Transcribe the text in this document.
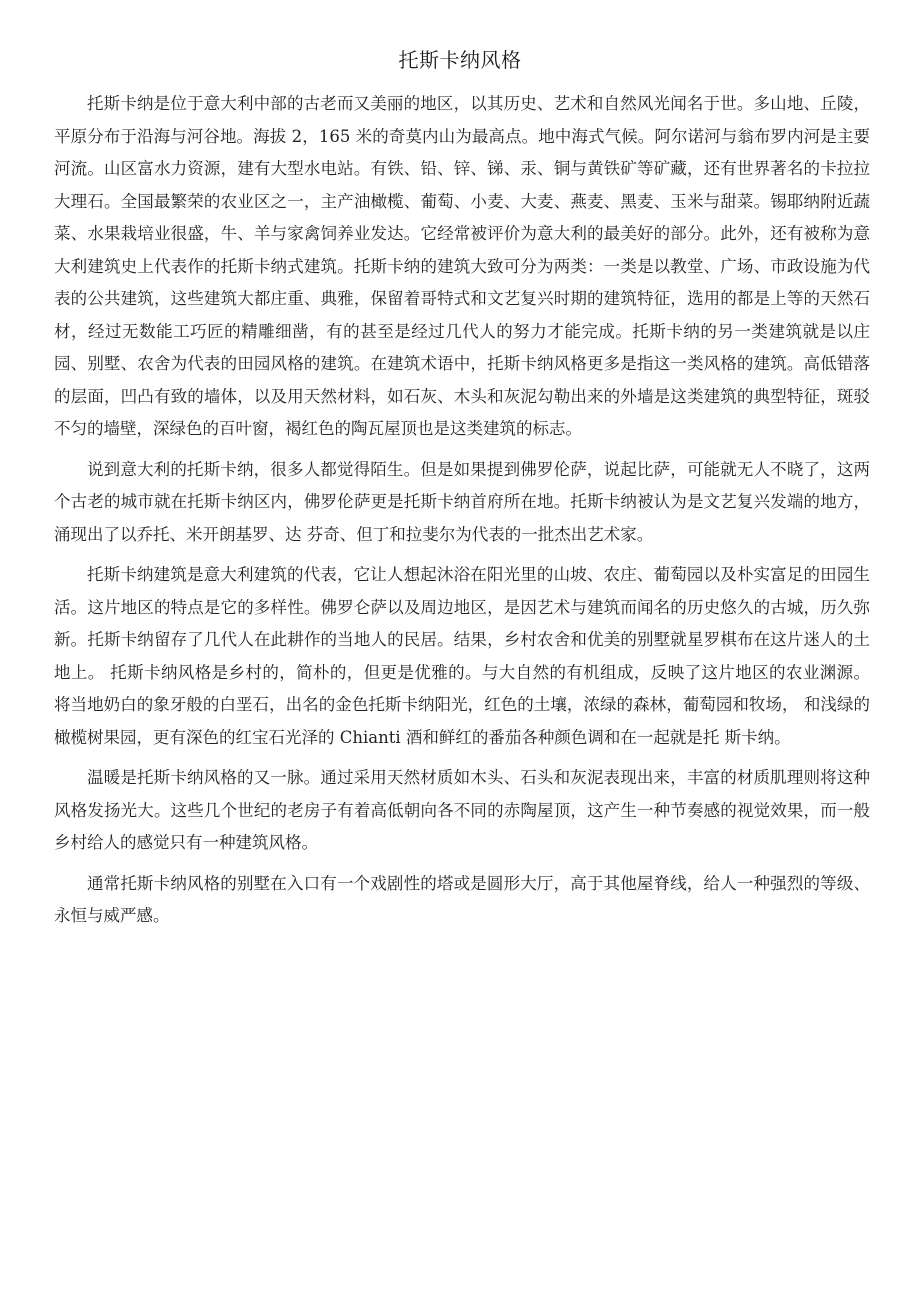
托斯卡纳风格

托斯卡纳是位于意大利中部的古老而又美丽的地区，以其历史、艺术和自然风光闻名于世。多山地、丘陵，平原分布于沿海与河谷地。海拔 2，165 米的奇莫内山为最高点。地中海式气候。阿尔诺河与翁布罗内河是主要河流。山区富水力资源，建有大型水电站。有铁、铅、锌、锑、汞、铜与黄铁矿等矿藏，还有世界著名的卡拉拉大理石。全国最繁荣的农业区之一，主产油橄榄、葡萄、小麦、大麦、燕麦、黑麦、玉米与甜菜。锡耶纳附近蔬菜、水果栽培业很盛，牛、羊与家禽饲养业发达。它经常被评价为意大利的最美好的部分。此外，还有被称为意大利建筑史上代表作的托斯卡纳式建筑。托斯卡纳的建筑大致可分为两类：一类是以教堂、广场、市政设施为代表的公共建筑，这些建筑大都庄重、典雅，保留着哥特式和文艺复兴时期的建筑特征，选用的都是上等的天然石材，经过无数能工巧匠的精雕细凿，有的甚至是经过几代人的努力才能完成。托斯卡纳的另一类建筑就是以庄园、别墅、农舍为代表的田园风格的建筑。在建筑术语中，托斯卡纳风格更多是指这一类风格的建筑。高低错落的层面，凹凸有致的墙体，以及用天然材料，如石灰、木头和灰泥勾勒出来的外墙是这类建筑的典型特征，斑驳不匀的墙壁，深绿色的百叶窗，褐红色的陶瓦屋顶也是这类建筑的标志。

说到意大利的托斯卡纳，很多人都觉得陌生。但是如果提到佛罗伦萨，说起比萨，可能就无人不晓了，这两个古老的城市就在托斯卡纳区内，佛罗伦萨更是托斯卡纳首府所在地。托斯卡纳被认为是文艺复兴发端的地方，涌现出了以乔托、米开朗基罗、达 芬奇、但丁和拉斐尔为代表的一批杰出艺术家。

托斯卡纳建筑是意大利建筑的代表，它让人想起沐浴在阳光里的山坡、农庄、葡萄园以及朴实富足的田园生活。这片地区的特点是它的多样性。佛罗仑萨以及周边地区，是因艺术与建筑而闻名的历史悠久的古城，历久弥新。托斯卡纳留存了几代人在此耕作的当地人的民居。结果，乡村农舍和优美的别墅就星罗棋布在这片迷人的土地上。 托斯卡纳风格是乡村的，简朴的，但更是优雅的。与大自然的有机组成，反映了这片地区的农业渊源。 将当地奶白的象牙般的白垩石，出名的金色托斯卡纳阳光，红色的土壤，浓绿的森林，葡萄园和牧场， 和浅绿的橄榄树果园，更有深色的红宝石光泽的 Chianti 酒和鲜红的番茄各种颜色调和在一起就是托 斯卡纳。

温暖是托斯卡纳风格的又一脉。通过采用天然材质如木头、石头和灰泥表现出来，丰富的材质肌理则将这种风格发扬光大。这些几个世纪的老房子有着高低朝向各不同的赤陶屋顶，这产生一种节奏感的视觉效果，而一般乡村给人的感觉只有一种建筑风格。

通常托斯卡纳风格的别墅在入口有一个戏剧性的塔或是圆形大厅，高于其他屋脊线，给人一种强烈的等级、永恒与威严感。
